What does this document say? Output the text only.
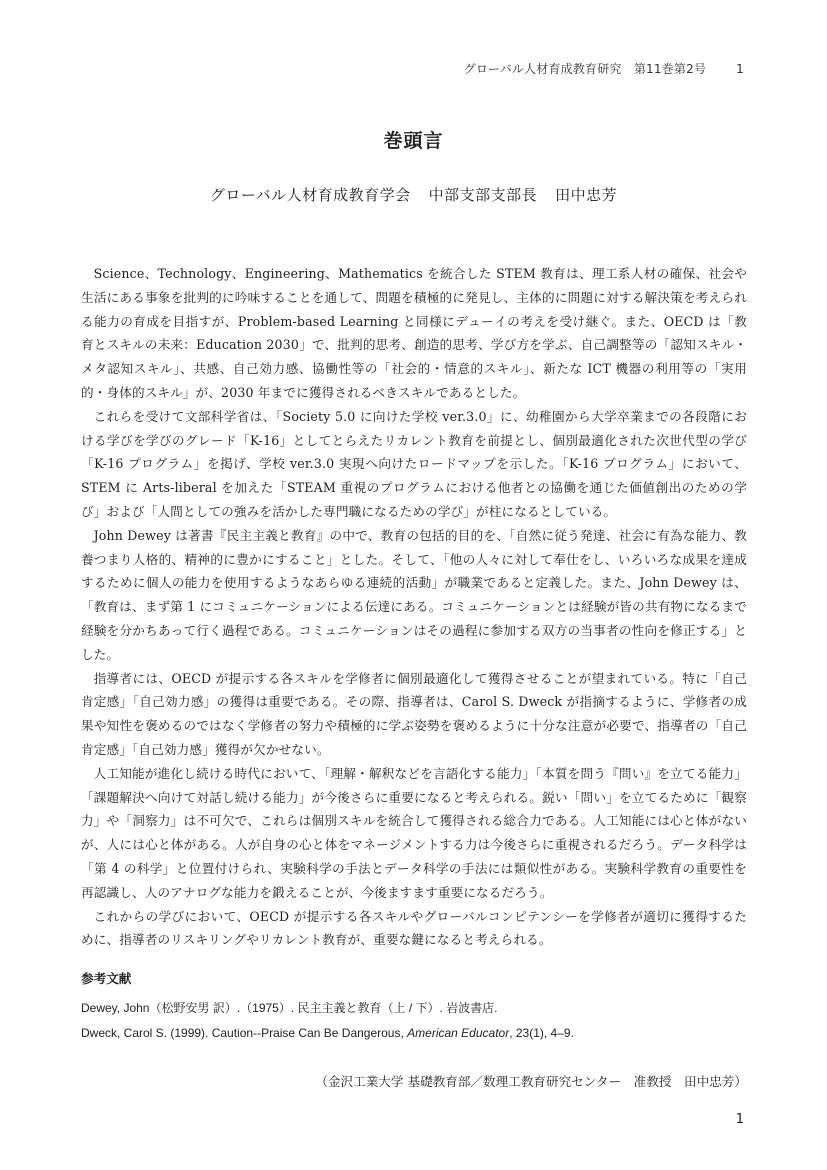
グローバル人材育成教育研究　第11巻第2号	1
巻頭言
グローバル人材育成教育学会 中部支部支部長 田中忠芳

Science、Technology、Engineering、Mathematics を統合した STEM 教育は、理工系人材の確保、社会や生活にある事象を批判的に吟味することを通して、問題を積極的に発見し、主体的に問題に対する解決策を考えられる能力の育成を目指すが、Problem-based Learning と同様にデューイの考えを受け継ぐ。また、OECD は「教育とスキルの未来：Education 2030」で、批判的思考、創造的思考、学び方を学ぶ、自己調整等の「認知スキル・メタ認知スキル」、共感、自己効力感、協働性等の「社会的・情意的スキル」、新たな ICT 機器の利用等の「実用的・身体的スキル」が、2030 年までに獲得されるべきスキルであるとした。

これらを受けて文部科学省は、「Society 5.0 に向けた学校 ver.3.0」に、幼稚園から大学卒業までの各段階における学びを学びのグレード「K-16」としてとらえたリカレント教育を前提とし、個別最適化された次世代型の学び「K-16 プログラム」を掲げ、学校 ver.3.0 実現へ向けたロードマップを示した。「K-16 プログラム」において、STEM に Arts-liberal を加えた「STEAM 重視のプログラムにおける他者との協働を通じた価値創出のための学び」および「人間としての強みを活かした専門職になるための学び」が柱になるとしている。

John Dewey は著書『民主主義と教育』の中で、教育の包括的目的を、「自然に従う発達、社会に有為な能力、教養つまり人格的、精神的に豊かにすること」とした。そして、「他の人々に対して奉仕をし、いろいろな成果を達成するために個人の能力を使用するようなあらゆる連続的活動」が職業であると定義した。また、John Dewey は、「教育は、まず第 1 にコミュニケーションによる伝達にある。コミュニケーションとは経験が皆の共有物になるまで経験を分かちあって行く過程である。コミュニケーションはその過程に参加する双方の当事者の性向を修正する」とした。

指導者には、OECD が提示する各スキルを学修者に個別最適化して獲得させることが望まれている。特に「自己肯定感」「自己効力感」の獲得は重要である。その際、指導者は、Carol S. Dweck が指摘するように、学修者の成果や知性を褒めるのではなく学修者の努力や積極的に学ぶ姿勢を褒めるように十分な注意が必要で、指導者の「自己肯定感」「自己効力感」獲得が欠かせない。

人工知能が進化し続ける時代において、「理解・解釈などを言語化する能力」「本質を問う『問い』を立てる能力」「課題解決へ向けて対話し続ける能力」が今後さらに重要になると考えられる。鋭い「問い」を立てるために「観察力」や「洞察力」は不可欠で、これらは個別スキルを統合して獲得される総合力である。人工知能には心と体がないが、人には心と体がある。人が自身の心と体をマネージメントする力は今後さらに重視されるだろう。データ科学は「第 4 の科学」と位置付けられ、実験科学の手法とデータ科学の手法には類似性がある。実験科学教育の重要性を再認識し、人のアナログな能力を鍛えることが、今後ますます重要になるだろう。

これからの学びにおいて、OECD が提示する各スキルやグローバルコンピテンシーを学修者が適切に獲得するために、指導者のリスキリングやリカレント教育が、重要な鍵になると考えられる。

参考文献
Dewey, John（松野安男 訳）.（1975）. 民主主義と教育（上 / 下）. 岩波書店.
Dweck, Carol S. (1999). Caution--Praise Can Be Dangerous, American Educator, 23(1), 4–9.
（金沢工業大学 基礎教育部／数理工教育研究センター　准教授　田中忠芳）
1
